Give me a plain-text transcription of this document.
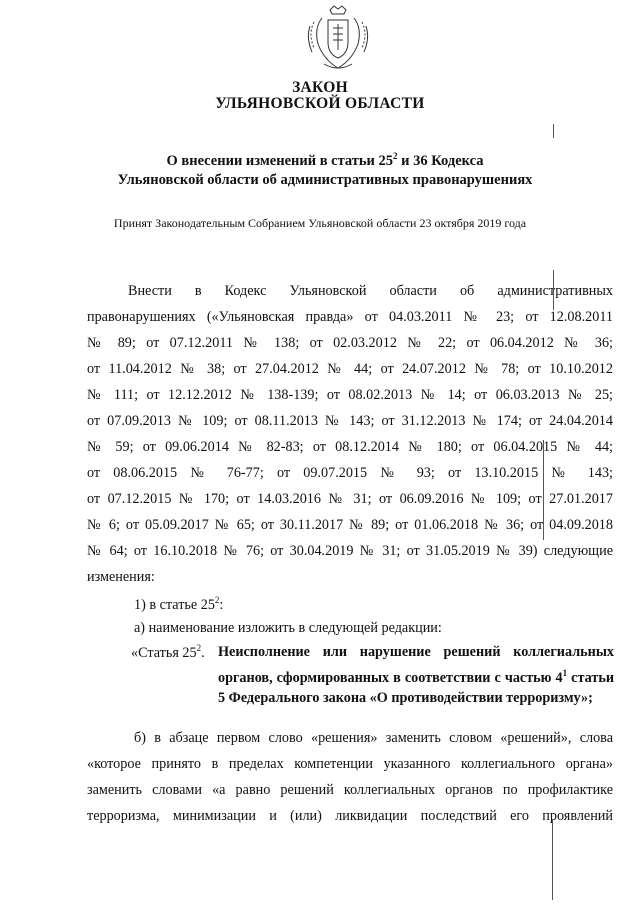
ЗАКОН
УЛЬЯНОВСКОЙ ОБЛАСТИ
О внесении изменений в статьи $25^2$ и 36 Кодекса
Ульяновской области об административных правонарушениях
Принят Законодательным Собранием Ульяновской области 23 октября 2019 года
Внести в Кодекс Ульяновской области об административных
правонарушениях («Ульяновская правда» от 04.03.2011 № 23; от 12.08.2011
№ 89; от 07.12.2011 № 138; от 02.03.2012 № 22; от 06.04.2012 № 36;
от 11.04.2012 № 38; от 27.04.2012 № 44; от 24.07.2012 № 78; от 10.10.2012
№ 111; от 12.12.2012 № 138-139; от 08.02.2013 № 14; от 06.03.2013 № 25;
от 07.09.2013 № 109; от 08.11.2013 № 143; от 31.12.2013 № 174; от 24.04.2014
№ 59; от 09.06.2014 № 82-83; от 08.12.2014 № 180; от 06.04.2015 № 44;
от 08.06.2015 № 76-77; от 09.07.2015 № 93; от 13.10.2015 № 143;
от 07.12.2015 № 170; от 14.03.2016 № 31; от 06.09.2016 № 109; от 27.01.2017
№ 6; от 05.09.2017 № 65; от 30.11.2017 № 89; от 01.06.2018 № 36; от 04.09.2018
№ 64; от 16.10.2018 № 76; от 30.04.2019 № 31; от 31.05.2019 № 39) следующие
изменения:
1) в статье $25^2$:
а) наименование изложить в следующей редакции:
«Статья $25^2$. Неисполнение или нарушение решений коллегиальных органов, сформированных в соответствии с частью $4^1$ статьи 5 Федерального закона «О противодействии терроризму»;
б) в абзаце первом слово «решения» заменить словом «решений», слова
«которое принято в пределах компетенции указанного коллегиального органа»
заменить словами «а равно решений коллегиальных органов по профилактике
терроризма, минимизации и (или) ликвидации последствий его проявлений
